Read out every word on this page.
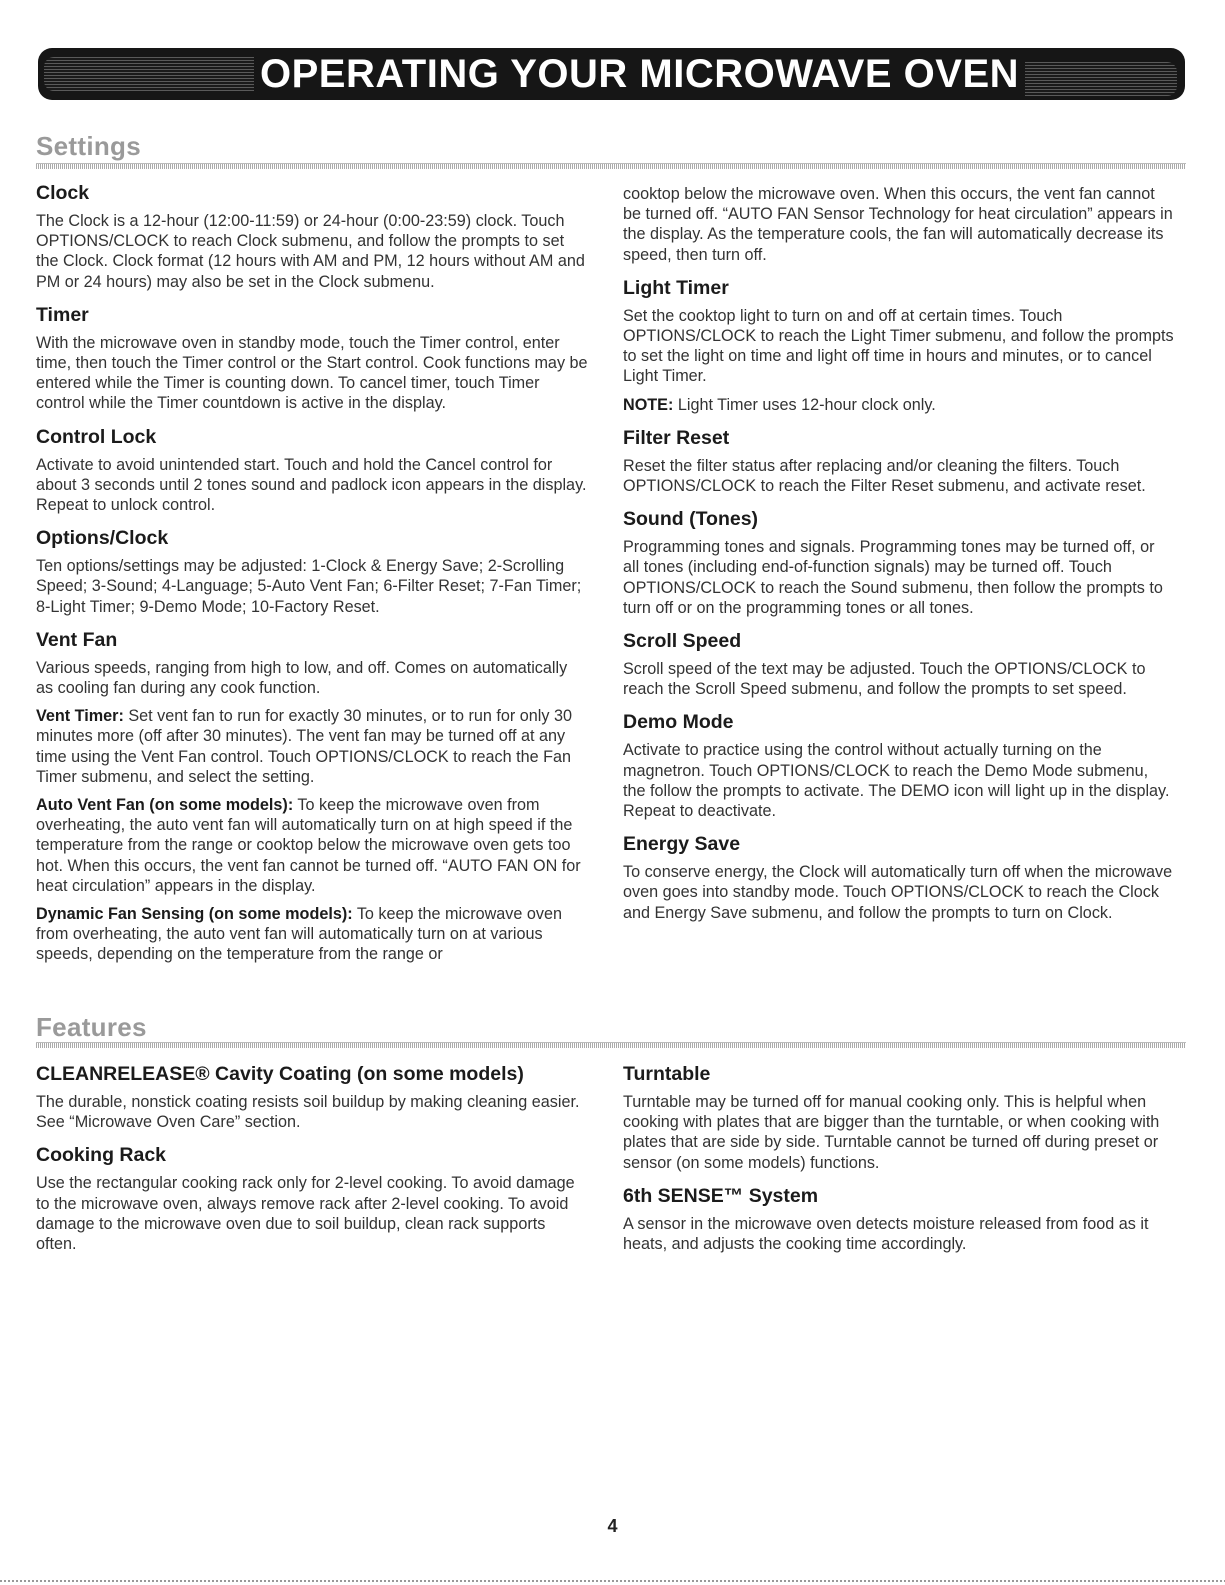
OPERATING YOUR MICROWAVE OVEN
Settings
Clock

The Clock is a 12-hour (12:00-11:59) or 24-hour (0:00-23:59) clock. Touch OPTIONS/CLOCK to reach Clock submenu, and follow the prompts to set the Clock. Clock format (12 hours with AM and PM, 12 hours without AM and PM or 24 hours) may also be set in the Clock submenu.

Timer

With the microwave oven in standby mode, touch the Timer control, enter time, then touch the Timer control or the Start control. Cook functions may be entered while the Timer is counting down. To cancel timer, touch Timer control while the Timer countdown is active in the display.

Control Lock

Activate to avoid unintended start. Touch and hold the Cancel control for about 3 seconds until 2 tones sound and padlock icon appears in the display. Repeat to unlock control.

Options/Clock

Ten options/settings may be adjusted: 1-Clock & Energy Save; 2-Scrolling Speed; 3-Sound; 4-Language; 5-Auto Vent Fan; 6-Filter Reset; 7-Fan Timer; 8-Light Timer; 9-Demo Mode; 10-Factory Reset.

Vent Fan

Various speeds, ranging from high to low, and off. Comes on automatically as cooling fan during any cook function.

Vent Timer: Set vent fan to run for exactly 30 minutes, or to run for only 30 minutes more (off after 30 minutes). The vent fan may be turned off at any time using the Vent Fan control. Touch OPTIONS/CLOCK to reach the Fan Timer submenu, and select the setting.

Auto Vent Fan (on some models): To keep the microwave oven from overheating, the auto vent fan will automatically turn on at high speed if the temperature from the range or cooktop below the microwave oven gets too hot. When this occurs, the vent fan cannot be turned off. “AUTO FAN ON for heat circulation” appears in the display.

Dynamic Fan Sensing (on some models): To keep the microwave oven from overheating, the auto vent fan will automatically turn on at various speeds, depending on the temperature from the range or

cooktop below the microwave oven. When this occurs, the vent fan cannot be turned off. “AUTO FAN Sensor Technology for heat circulation” appears in the display. As the temperature cools, the fan will automatically decrease its speed, then turn off.

Light Timer

Set the cooktop light to turn on and off at certain times. Touch OPTIONS/CLOCK to reach the Light Timer submenu, and follow the prompts to set the light on time and light off time in hours and minutes, or to cancel Light Timer.

NOTE: Light Timer uses 12-hour clock only.

Filter Reset

Reset the filter status after replacing and/or cleaning the filters. Touch OPTIONS/CLOCK to reach the Filter Reset submenu, and activate reset.

Sound (Tones)

Programming tones and signals. Programming tones may be turned off, or all tones (including end-of-function signals) may be turned off. Touch OPTIONS/CLOCK to reach the Sound submenu, then follow the prompts to turn off or on the programming tones or all tones.

Scroll Speed

Scroll speed of the text may be adjusted. Touch the OPTIONS/CLOCK to reach the Scroll Speed submenu, and follow the prompts to set speed.

Demo Mode

Activate to practice using the control without actually turning on the magnetron. Touch OPTIONS/CLOCK to reach the Demo Mode submenu, the follow the prompts to activate. The DEMO icon will light up in the display. Repeat to deactivate.

Energy Save

To conserve energy, the Clock will automatically turn off when the microwave oven goes into standby mode. Touch OPTIONS/CLOCK to reach the Clock and Energy Save submenu, and follow the prompts to turn on Clock.

Features
CLEANRELEASE® Cavity Coating (on some models)

The durable, nonstick coating resists soil buildup by making cleaning easier. See “Microwave Oven Care” section.

Cooking Rack

Use the rectangular cooking rack only for 2-level cooking. To avoid damage to the microwave oven, always remove rack after 2-level cooking. To avoid damage to the microwave oven due to soil buildup, clean rack supports often.

Turntable

Turntable may be turned off for manual cooking only. This is helpful when cooking with plates that are bigger than the turntable, or when cooking with plates that are side by side. Turntable cannot be turned off during preset or sensor (on some models) functions.

6th SENSE™ System

A sensor in the microwave oven detects moisture released from food as it heats, and adjusts the cooking time accordingly.

4
